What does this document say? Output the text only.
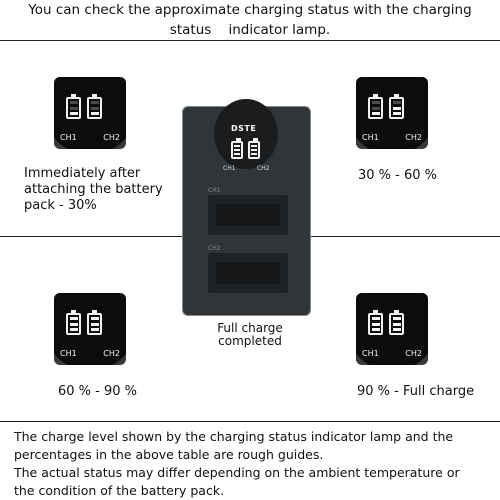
You can check the approximate charging status with the charging
status    indicator lamp.
CH1	CH2
Immediately after
attaching the battery
pack - 30%
CH1	CH2
30 % - 60 %
CH1	CH2
60 % - 90 %
CH1	CH2
90 % - Full charge
DSTE
CH1	CH2
CH1
CH2
Full charge
completed

The charge level shown by the charging status indicator lamp and the

percentages in the above table are rough guides.

The actual status may differ depending on the ambient temperature or

the condition of the battery pack.
